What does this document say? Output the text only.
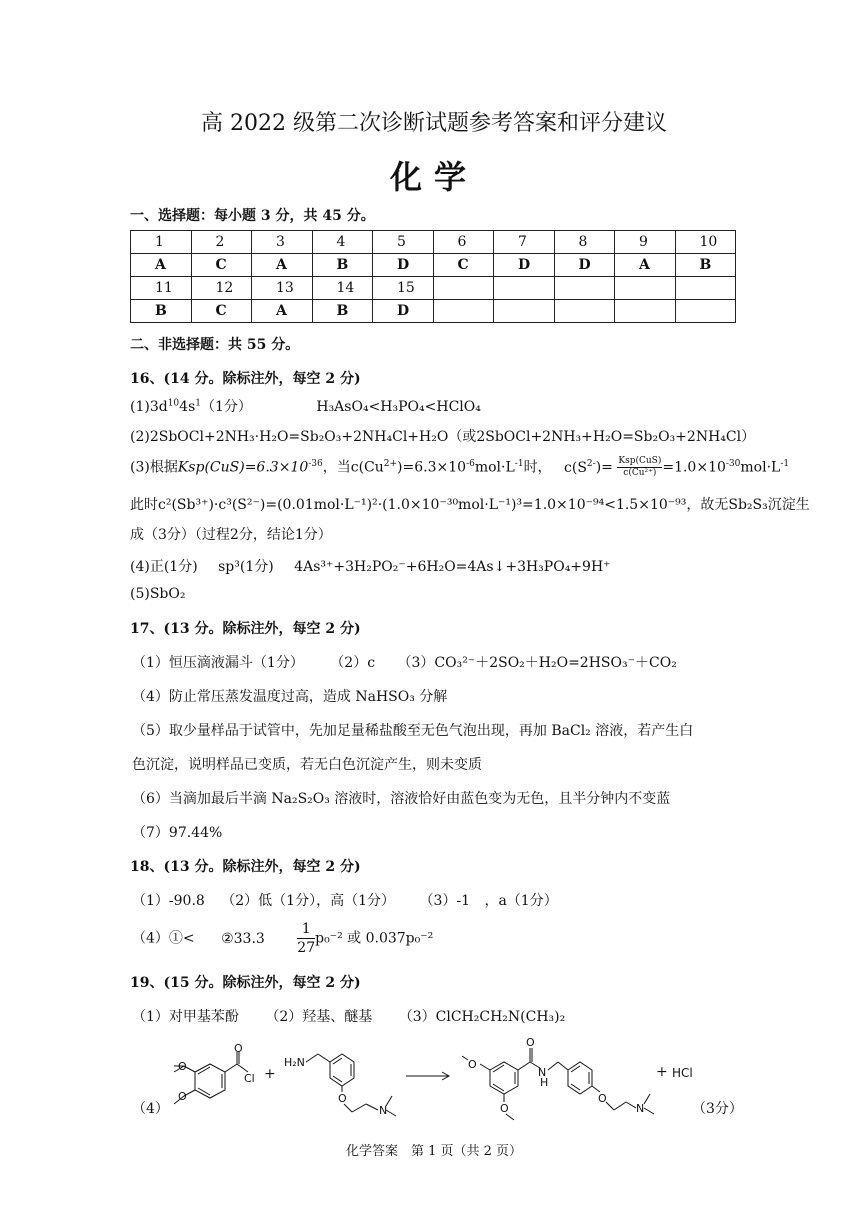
高 2022 级第二次诊断试题参考答案和评分建议
化学
一、选择题：每小题 3 分，共 45 分。
1	2	3	4	5	6	7	8	9	10
A	C	A	B	D	C	D	D	A	B
11	12	13	14	15					
B	C	A	B	D					
二、非选择题：共 55 分。
16、(14 分。除标注外，每空 2 分)
$(1)3d^{10}4s^1(1$分）	H₃AsO₄<H₃PO₄<HClO₄
(2)2SbOCl+2NH₃·H₂O=Sb₂O₃+2NH₄Cl+H₂O（或2SbOCl+2NH₃+H₂O=Sb₂O₃+2NH₄Cl）
(3)根据$Ksp(CuS)=6.3\times 10^{-36}$，当$c(Cu^{2+})=6.3\times 10^{-6}mol\cdot L^{-1}$时， $c(S^{2-})= \frac{\text{Ksp(CuS)}}{\text{c(Cu²⁺)}} =1.0\times 10^{-30}mol\cdot L^{-1}$
此时c²(Sb³⁺)·c³(S²⁻)=(0.01mol·L⁻¹)²·(1.0×10⁻³⁰mol·L⁻¹)³=1.0×10⁻⁹⁴<1.5×10⁻⁹³，故无Sb₂S₃沉淀生
成（3分）（过程2分，结论1分）
(4)正(1分) sp³(1分) 4As³⁺+3H₂PO₂⁻+6H₂O=4As↓+3H₃PO₄+9H⁺
(5)SbO₂
17、(13 分。除标注外，每空 2 分)
（1）恒压滴液漏斗（1分） （2）c （3）CO₃²⁻＋2SO₂＋H₂O=2HSO₃⁻＋CO₂
（4）防止常压蒸发温度过高，造成 NaHSO₃ 分解
（5）取少量样品于试管中，先加足量稀盐酸至无色气泡出现，再加 BaCl₂ 溶液，若产生白
色沉淀，说明样品已变质，若无白色沉淀产生，则未变质
（6）当滴加最后半滴 Na₂S₂O₃ 溶液时，溶液恰好由蓝色变为无色，且半分钟内不变蓝
（7）97.44%
18、(13 分。除标注外，每空 2 分)
（1）-90.8 （2）低（1分），高（1分） （3）-1 ，a（1分）
（4）①< ②33.3 $\frac{1}{27}p_0^{-2}$ 或 0.037p₀⁻²
19、(15 分。除标注外，每空 2 分)
（1）对甲基苯酚 （2）羟基、醚基 （3）ClCH₂CH₂N(CH₃)₂
（4）
O
O
O
Cl +
H₂N
O
N
O
O
O
N
H
O
N
+ HCl
（3分）
化学答案　第 1 页（共 2 页）
